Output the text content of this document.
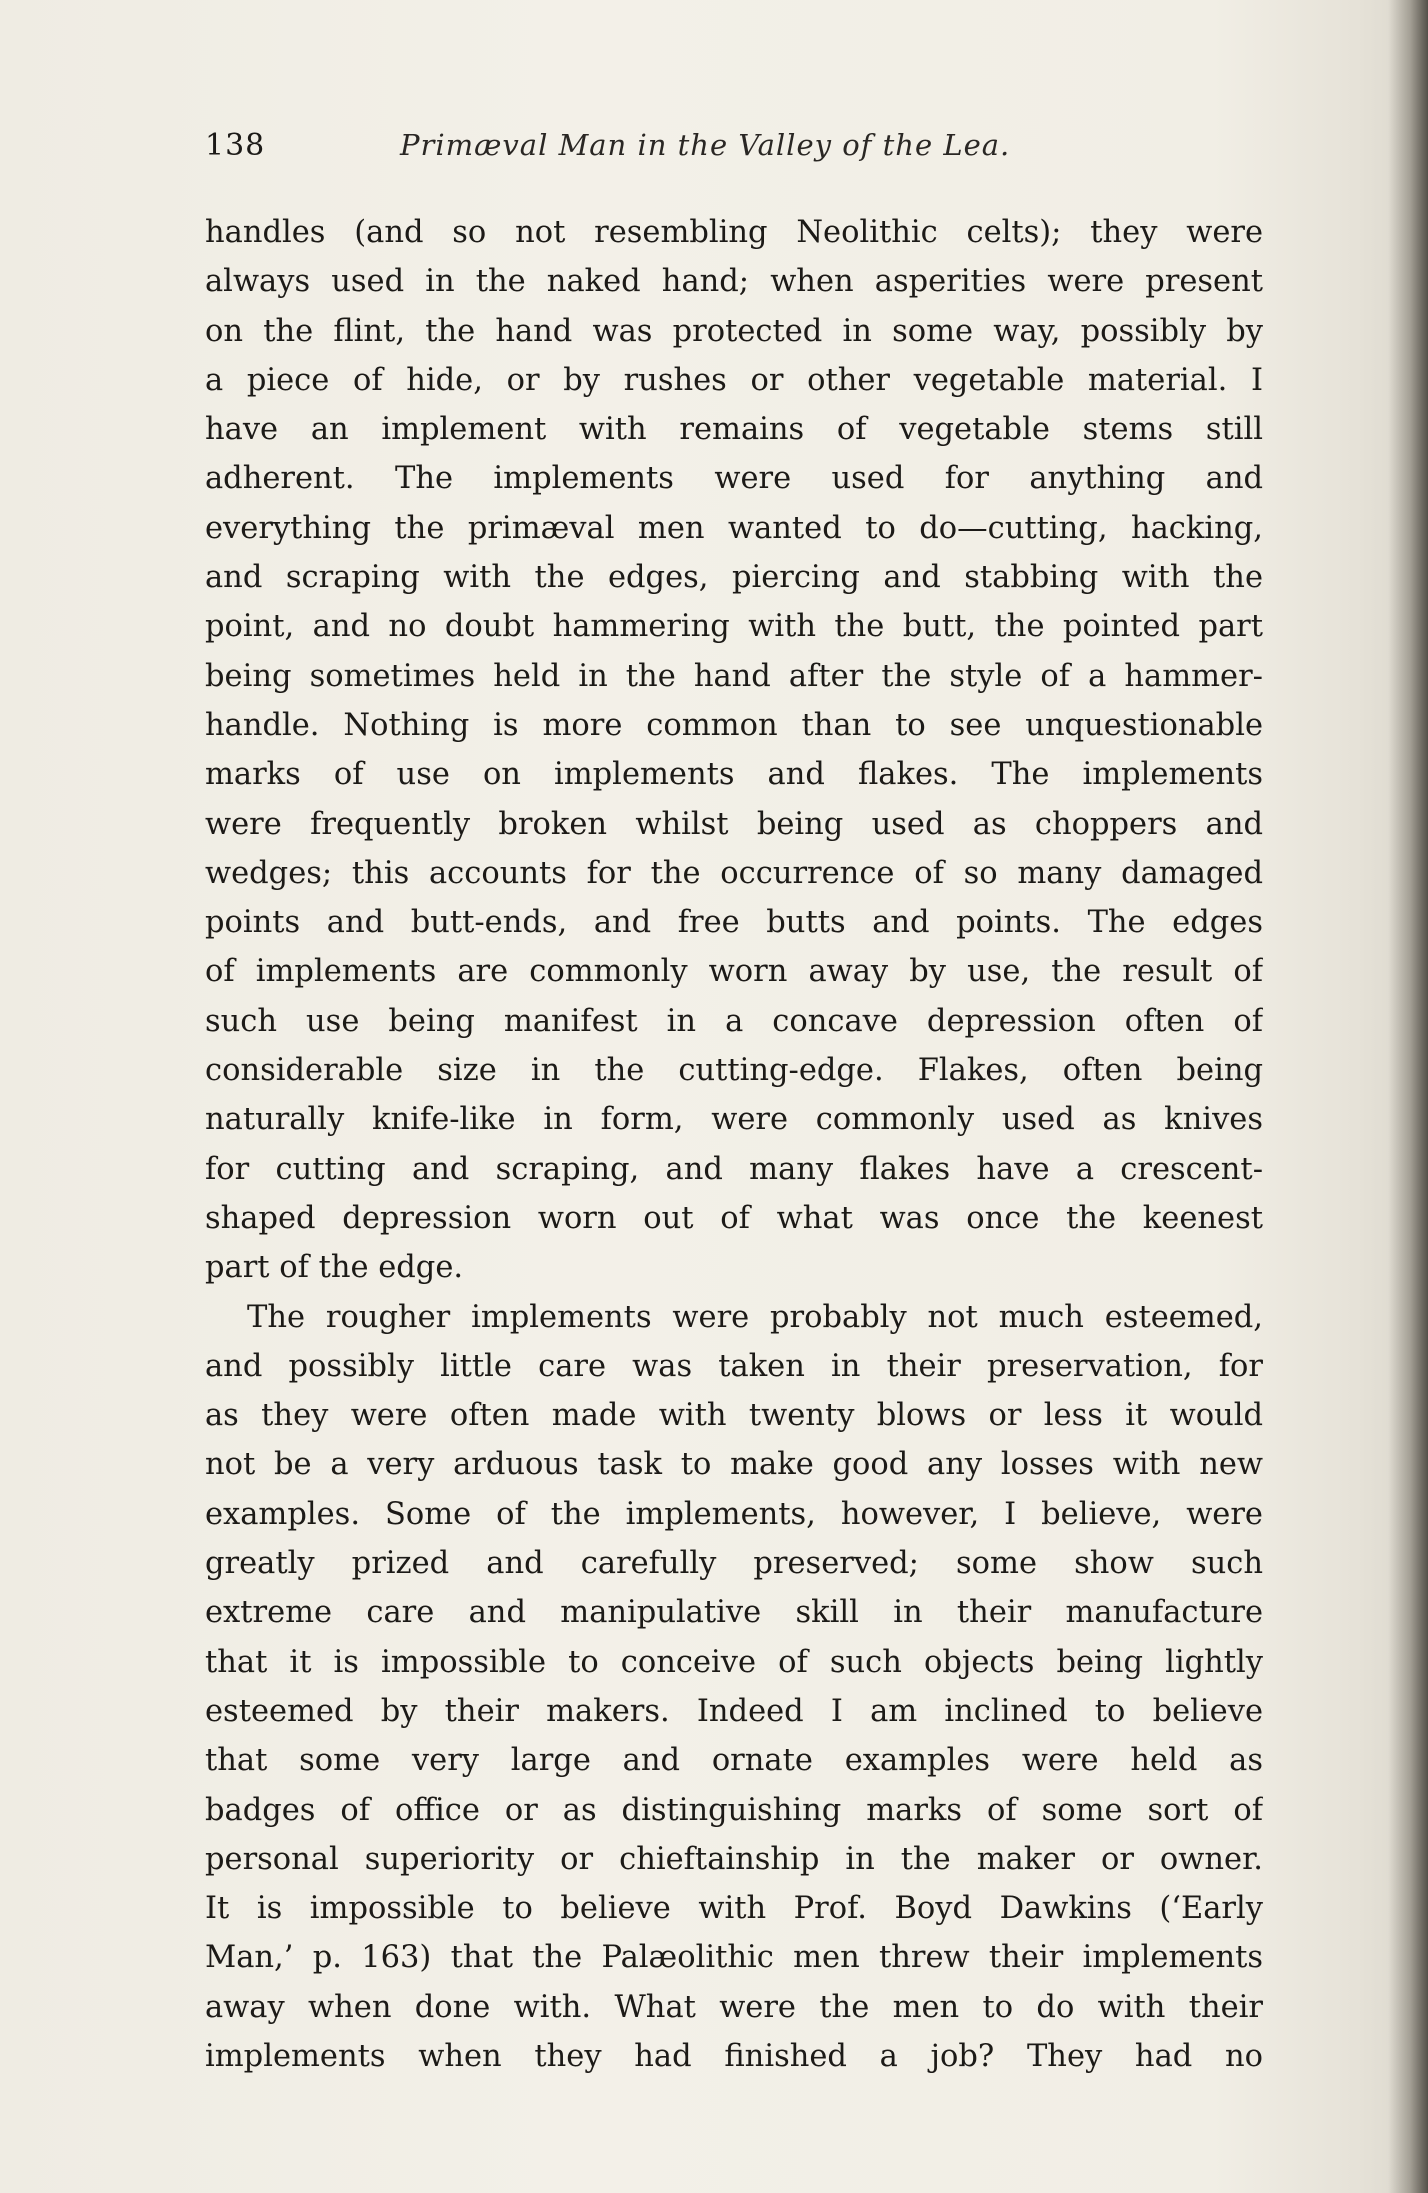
138	Primæval Man in the Valley of the Lea.
handles (and so not resembling Neolithic celts); they were
always used in the naked hand; when asperities were present
on the flint, the hand was protected in some way, possibly by
a piece of hide, or by rushes or other vegetable material. I
have an implement with remains of vegetable stems still
adherent. The implements were used for anything and
everything the primæval men wanted to do—cutting, hacking,
and scraping with the edges, piercing and stabbing with the
point, and no doubt hammering with the butt, the pointed part
being sometimes held in the hand after the style of a hammer-
handle. Nothing is more common than to see unquestionable
marks of use on implements and flakes. The implements
were frequently broken whilst being used as choppers and
wedges; this accounts for the occurrence of so many damaged
points and butt-ends, and free butts and points. The edges
of implements are commonly worn away by use, the result of
such use being manifest in a concave depression often of
considerable size in the cutting-edge. Flakes, often being
naturally knife-like in form, were commonly used as knives
for cutting and scraping, and many flakes have a crescent-
shaped depression worn out of what was once the keenest
part of the edge.
The rougher implements were probably not much esteemed,
and possibly little care was taken in their preservation, for
as they were often made with twenty blows or less it would
not be a very arduous task to make good any losses with new
examples. Some of the implements, however, I believe, were
greatly prized and carefully preserved; some show such
extreme care and manipulative skill in their manufacture
that it is impossible to conceive of such objects being lightly
esteemed by their makers. Indeed I am inclined to believe
that some very large and ornate examples were held as
badges of office or as distinguishing marks of some sort of
personal superiority or chieftainship in the maker or owner.
It is impossible to believe with Prof. Boyd Dawkins (‘Early
Man,’ p. 163) that the Palæolithic men threw their implements
away when done with. What were the men to do with their
implements when they had finished a job? They had no
